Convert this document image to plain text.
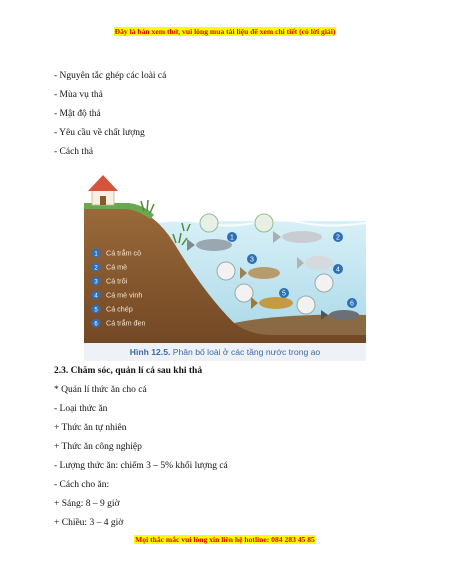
Đây là bản xem thử, vui lòng mua tài liệu để xem chi tiết (có lời giải)
- Nguyên tắc ghép các loài cá
- Mùa vụ thả
- Mật độ thả
- Yêu cầu về chất lượng
- Cách thả
1	2
3
4
5
6
1 Cá trắm cỏ
2 Cá mè
3 Cá trôi
4 Cá mè vinh
5 Cá chép
6 Cá trắm đen
Hình 12.5. Phân bố loài ở các tầng nước trong ao
2.3. Chăm sóc, quản lí cá sau khi thả
* Quản lí thức ăn cho cá
- Loại thức ăn
+ Thức ăn tự nhiên
+ Thức ăn công nghiệp
- Lượng thức ăn: chiếm 3 – 5% khối lượng cá
- Cách cho ăn:
+ Sáng: 8 – 9 giờ
+ Chiều: 3 – 4 giờ
Mọi thắc mắc vui lòng xin liên hệ hotline: 084 283 45 85
